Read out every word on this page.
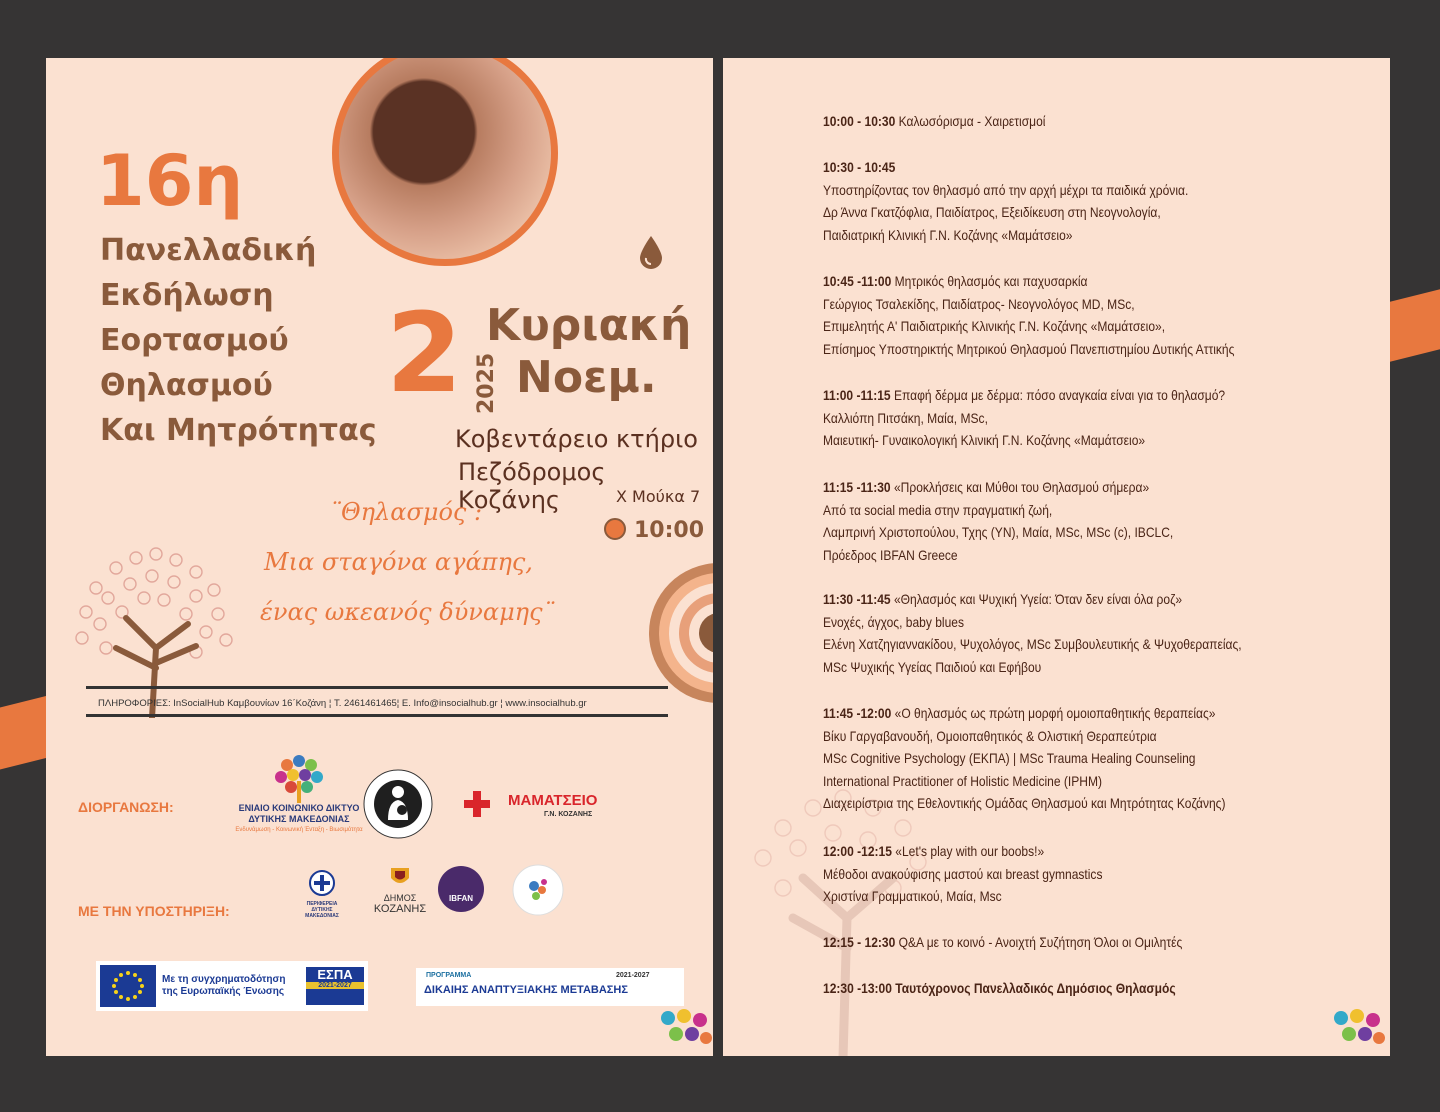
16η
Πανελλαδική
Εκδήλωση
Εορτασμού
Θηλασμού
Και Μητρότητας
2 2025
Κυριακή
Νοεμ.
Κοβεντάρειο κτήριο
Πεζόδρομος Κοζάνης	Χ Μούκα 7
10:00
¨Θηλασμός :
Μια σταγόνα αγάπης,
ένας ωκεανός δύναμης¨
ΠΛΗΡΟΦΟΡΙΕΣ: InSocialHub Καμβουνίων 16΄Κοζάνη ¦ T. 2461461465¦ E. Info@insocialhub.gr ¦ www.insocialhub.gr
ΔΙΟΡΓΑΝΩΣΗ:
ΜΕ ΤΗΝ ΥΠΟΣΤΗΡΙΞΗ:
ΕΝΙΑΙΟ ΚΟΙΝΩΝΙΚΟ ΔΙΚΤΥΟ
ΔΥΤΙΚΗΣ ΜΑΚΕΔΟΝΙΑΣ
Ενδυνάμωση - Κοινωνική Ένταξη - Βιωσιμότητα
ΜΑΜΑΤΣΕΙΟ
Γ.Ν. ΚΟΖΑΝΗΣ
ΠΕΡΙΦΕΡΕΙΑ ΔΥΤΙΚΗΣ ΜΑΚΕΔΟΝΙΑΣ
ΔΗΜΟΣ
ΚΟΖΑΝΗΣ
IBFAN
Με τη συγχρηματοδότηση
της Ευρωπαϊκής Ένωσης
ΕΣΠΑ
2021-2027
ΠΡΟΓΡΑΜΜΑ	2021-2027
ΔΙΚΑΙΗΣ ΑΝΑΠΤΥΞΙΑΚΗΣ ΜΕΤΑΒΑΣΗΣ
10:00 - 10:30 Καλωσόρισμα - Χαιρετισμοί
10:30 - 10:45
Υποστηρίζοντας τον θηλασμό από την αρχή μέχρι τα παιδικά χρόνια.
Δρ Άννα Γκατζόφλια, Παιδίατρος, Εξειδίκευση στη Νεογνολογία,
Παιδιατρική Κλινική Γ.Ν. Κοζάνης «Μαμάτσειο»
10:45 -11:00 Μητρικός θηλασμός και παχυσαρκία
Γεώργιος Τσαλεκίδης, Παιδίατρος- Νεογνολόγος MD, MSc,
Επιμελητής Α' Παιδιατρικής Κλινικής Γ.Ν. Κοζάνης «Μαμάτσειο»,
Επίσημος Υποστηρικτής Μητρικού Θηλασμού Πανεπιστημίου Δυτικής Αττικής
11:00 -11:15 Επαφή δέρμα με δέρμα: πόσο αναγκαία είναι για το θηλασμό?
Καλλιόπη Πιτσάκη, Μαία, MSc,
Μαιευτική- Γυναικολογική Κλινική Γ.Ν. Κοζάνης «Μαμάτσειο»
11:15 -11:30 «Προκλήσεις και Μύθοι του Θηλασμού σήμερα»
Από τα social media στην πραγματική ζωή,
Λαμπρινή Χριστοπούλου, Τχης (ΥΝ), Μαία, MSc, MSc (c), IBCLC,
Πρόεδρος IBFAN Greece
11:30 -11:45 «Θηλασμός και Ψυχική Υγεία: Όταν δεν είναι όλα ροζ»
Ενοχές, άγχος, baby blues
Ελένη Χατζηγιαννακίδου, Ψυχολόγος, MSc Συμβουλευτικής & Ψυχοθεραπείας,
MSc Ψυχικής Υγείας Παιδιού και Εφήβου
11:45 -12:00 «Ο θηλασμός ως πρώτη μορφή ομοιοπαθητικής θεραπείας»
Βίκυ Γαργαβανουδή, Ομοιοπαθητικός & Ολιστική Θεραπεύτρια
MSc Cognitive Psychology (ΕΚΠΑ) | MSc Trauma Healing Counseling
International Practitioner of Holistic Medicine (IPHM)
Διαχειρίστρια της Εθελοντικής Ομάδας Θηλασμού και Μητρότητας Κοζάνης)
12:00 -12:15 «Let's play with our boobs!»
Μέθοδοι ανακούφισης μαστού και breast gymnastics
Χριστίνα Γραμματικού, Μαία, Msc
12:15 - 12:30 Q&A με το κοινό - Ανοιχτή Συζήτηση Όλοι οι Ομιλητές
12:30 -13:00 Ταυτόχρονος Πανελλαδικός Δημόσιος Θηλασμός
